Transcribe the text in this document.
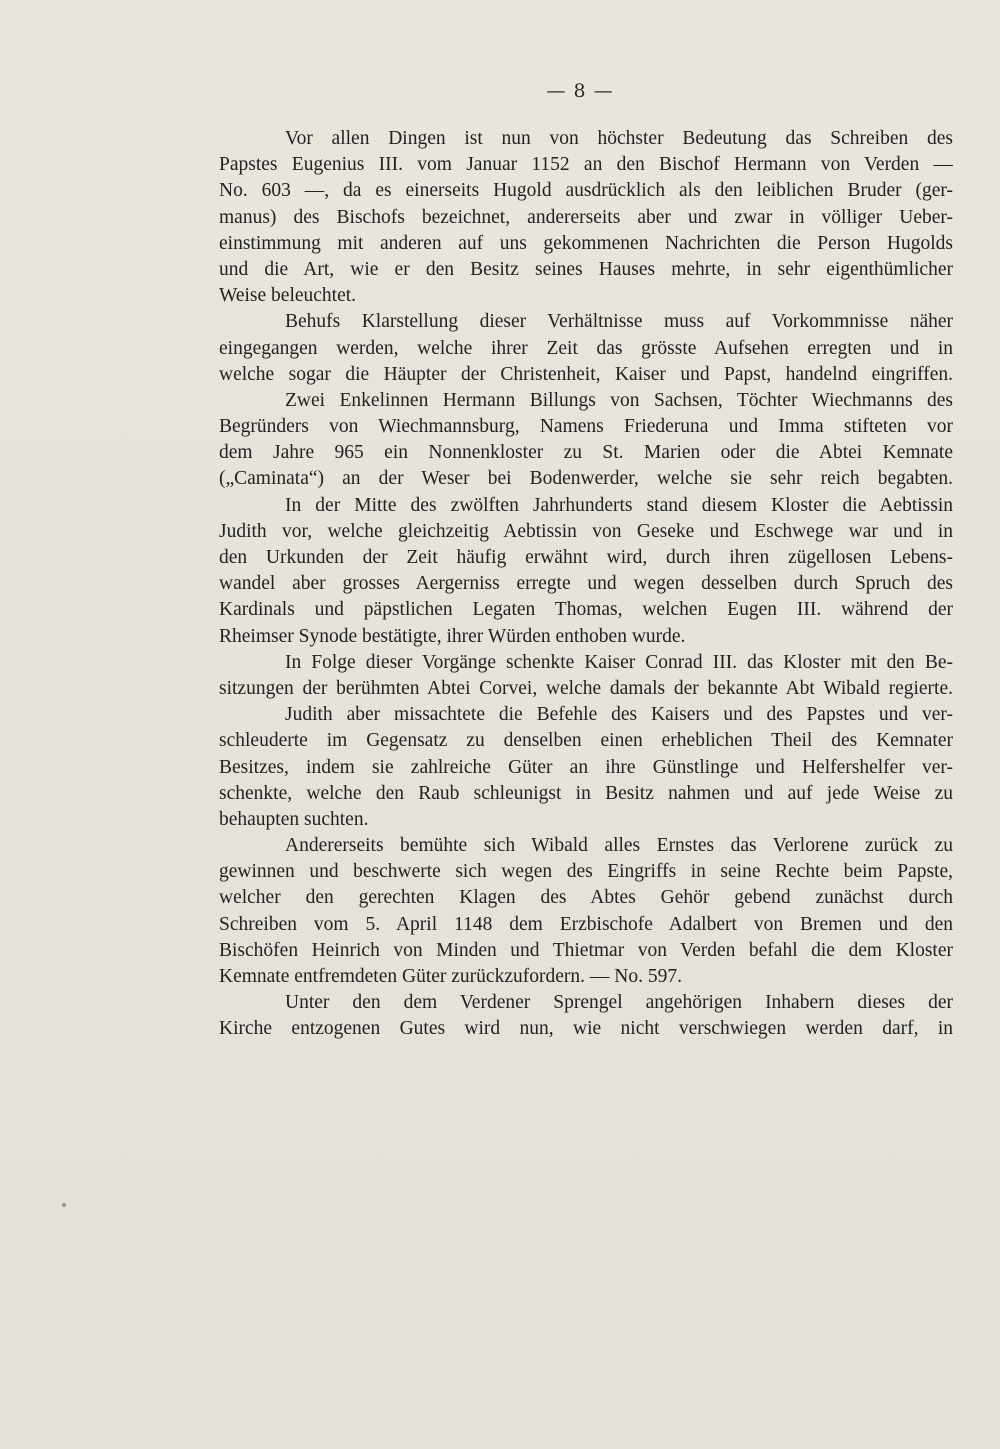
— 8 —
Vor allen Dingen ist nun von höchster Bedeutung das Schreiben des
Papstes Eugenius III. vom Januar 1152 an den Bischof Hermann von Verden —
No. 603 —, da es einerseits Hugold ausdrücklich als den leiblichen Bruder (ger-
manus) des Bischofs bezeichnet, andererseits aber und zwar in völliger Ueber-
einstimmung mit anderen auf uns gekommenen Nachrichten die Person Hugolds
und die Art, wie er den Besitz seines Hauses mehrte, in sehr eigenthümlicher
Weise beleuchtet.
Behufs Klarstellung dieser Verhältnisse muss auf Vorkommnisse näher
eingegangen werden, welche ihrer Zeit das grösste Aufsehen erregten und in
welche sogar die Häupter der Christenheit, Kaiser und Papst, handelnd eingriffen.
Zwei Enkelinnen Hermann Billungs von Sachsen, Töchter Wiechmanns des
Begründers von Wiechmannsburg, Namens Friederuna und Imma stifteten vor
dem Jahre 965 ein Nonnenkloster zu St. Marien oder die Abtei Kemnate
(„Caminata“) an der Weser bei Bodenwerder, welche sie sehr reich begabten.
In der Mitte des zwölften Jahrhunderts stand diesem Kloster die Aebtissin
Judith vor, welche gleichzeitig Aebtissin von Geseke und Eschwege war und in
den Urkunden der Zeit häufig erwähnt wird, durch ihren zügellosen Lebens-
wandel aber grosses Aergerniss erregte und wegen desselben durch Spruch des
Kardinals und päpstlichen Legaten Thomas, welchen Eugen III. während der
Rheimser Synode bestätigte, ihrer Würden enthoben wurde.
In Folge dieser Vorgänge schenkte Kaiser Conrad III. das Kloster mit den Be-
sitzungen der berühmten Abtei Corvei, welche damals der bekannte Abt Wibald regierte.
Judith aber missachtete die Befehle des Kaisers und des Papstes und ver-
schleuderte im Gegensatz zu denselben einen erheblichen Theil des Kemnater
Besitzes, indem sie zahlreiche Güter an ihre Günstlinge und Helfershelfer ver-
schenkte, welche den Raub schleunigst in Besitz nahmen und auf jede Weise zu
behaupten suchten.
Andererseits bemühte sich Wibald alles Ernstes das Verlorene zurück zu
gewinnen und beschwerte sich wegen des Eingriffs in seine Rechte beim Papste,
welcher den gerechten Klagen des Abtes Gehör gebend zunächst durch
Schreiben vom 5. April 1148 dem Erzbischofe Adalbert von Bremen und den
Bischöfen Heinrich von Minden und Thietmar von Verden befahl die dem Kloster
Kemnate entfremdeten Güter zurückzufordern. — No. 597.
Unter den dem Verdener Sprengel angehörigen Inhabern dieses der
Kirche entzogenen Gutes wird nun, wie nicht verschwiegen werden darf, in
